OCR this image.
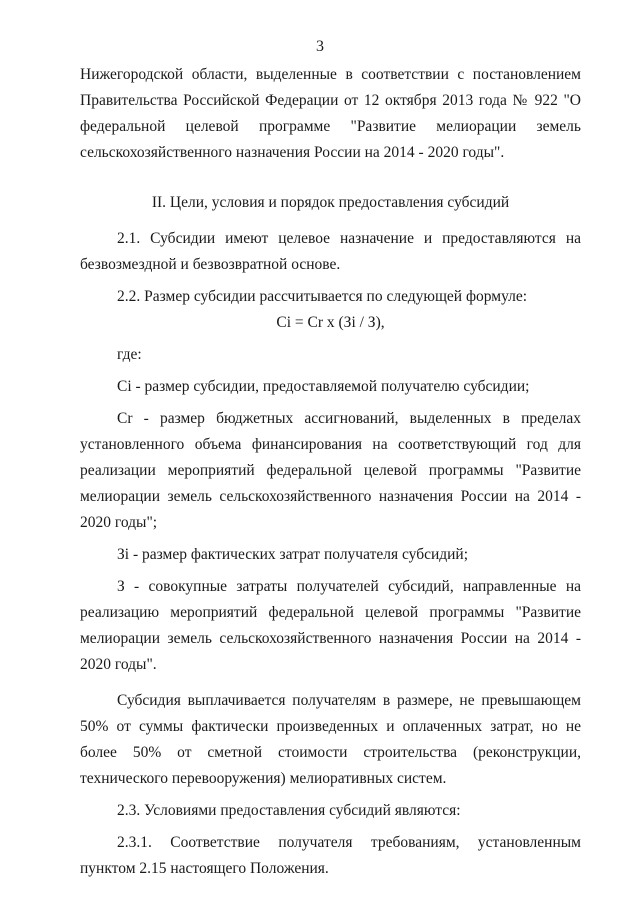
3

Нижегородской области, выделенные в соответствии с постановлением Правительства Российской Федерации от 12 октября 2013 года № 922 "О федеральной целевой программе "Развитие мелиорации земель сельскохозяйственного назначения России на 2014 - 2020 годы".

II. Цели, условия и порядок предоставления субсидий

2.1. Субсидии имеют целевое назначение и предоставляются на безвозмездной и безвозвратной основе.

2.2. Размер субсидии рассчитывается по следующей формуле:

Ci = Cr x (Зi / З),

где:

Ci - размер субсидии, предоставляемой получателю субсидии;

Cr - размер бюджетных ассигнований, выделенных в пределах установленного объема финансирования на соответствующий год для реализации мероприятий федеральной целевой программы "Развитие мелиорации земель сельскохозяйственного назначения России на 2014 - 2020 годы";

Зi - размер фактических затрат получателя субсидий;

З - совокупные затраты получателей субсидий, направленные на реализацию мероприятий федеральной целевой программы "Развитие мелиорации земель сельскохозяйственного назначения России на 2014 - 2020 годы".

Субсидия выплачивается получателям в размере, не превышающем 50% от суммы фактически произведенных и оплаченных затрат, но не более 50% от сметной стоимости строительства (реконструкции, технического перевооружения) мелиоративных систем.

2.3. Условиями предоставления субсидий являются:

2.3.1. Соответствие получателя требованиям, установленным пунктом 2.15 настоящего Положения.
